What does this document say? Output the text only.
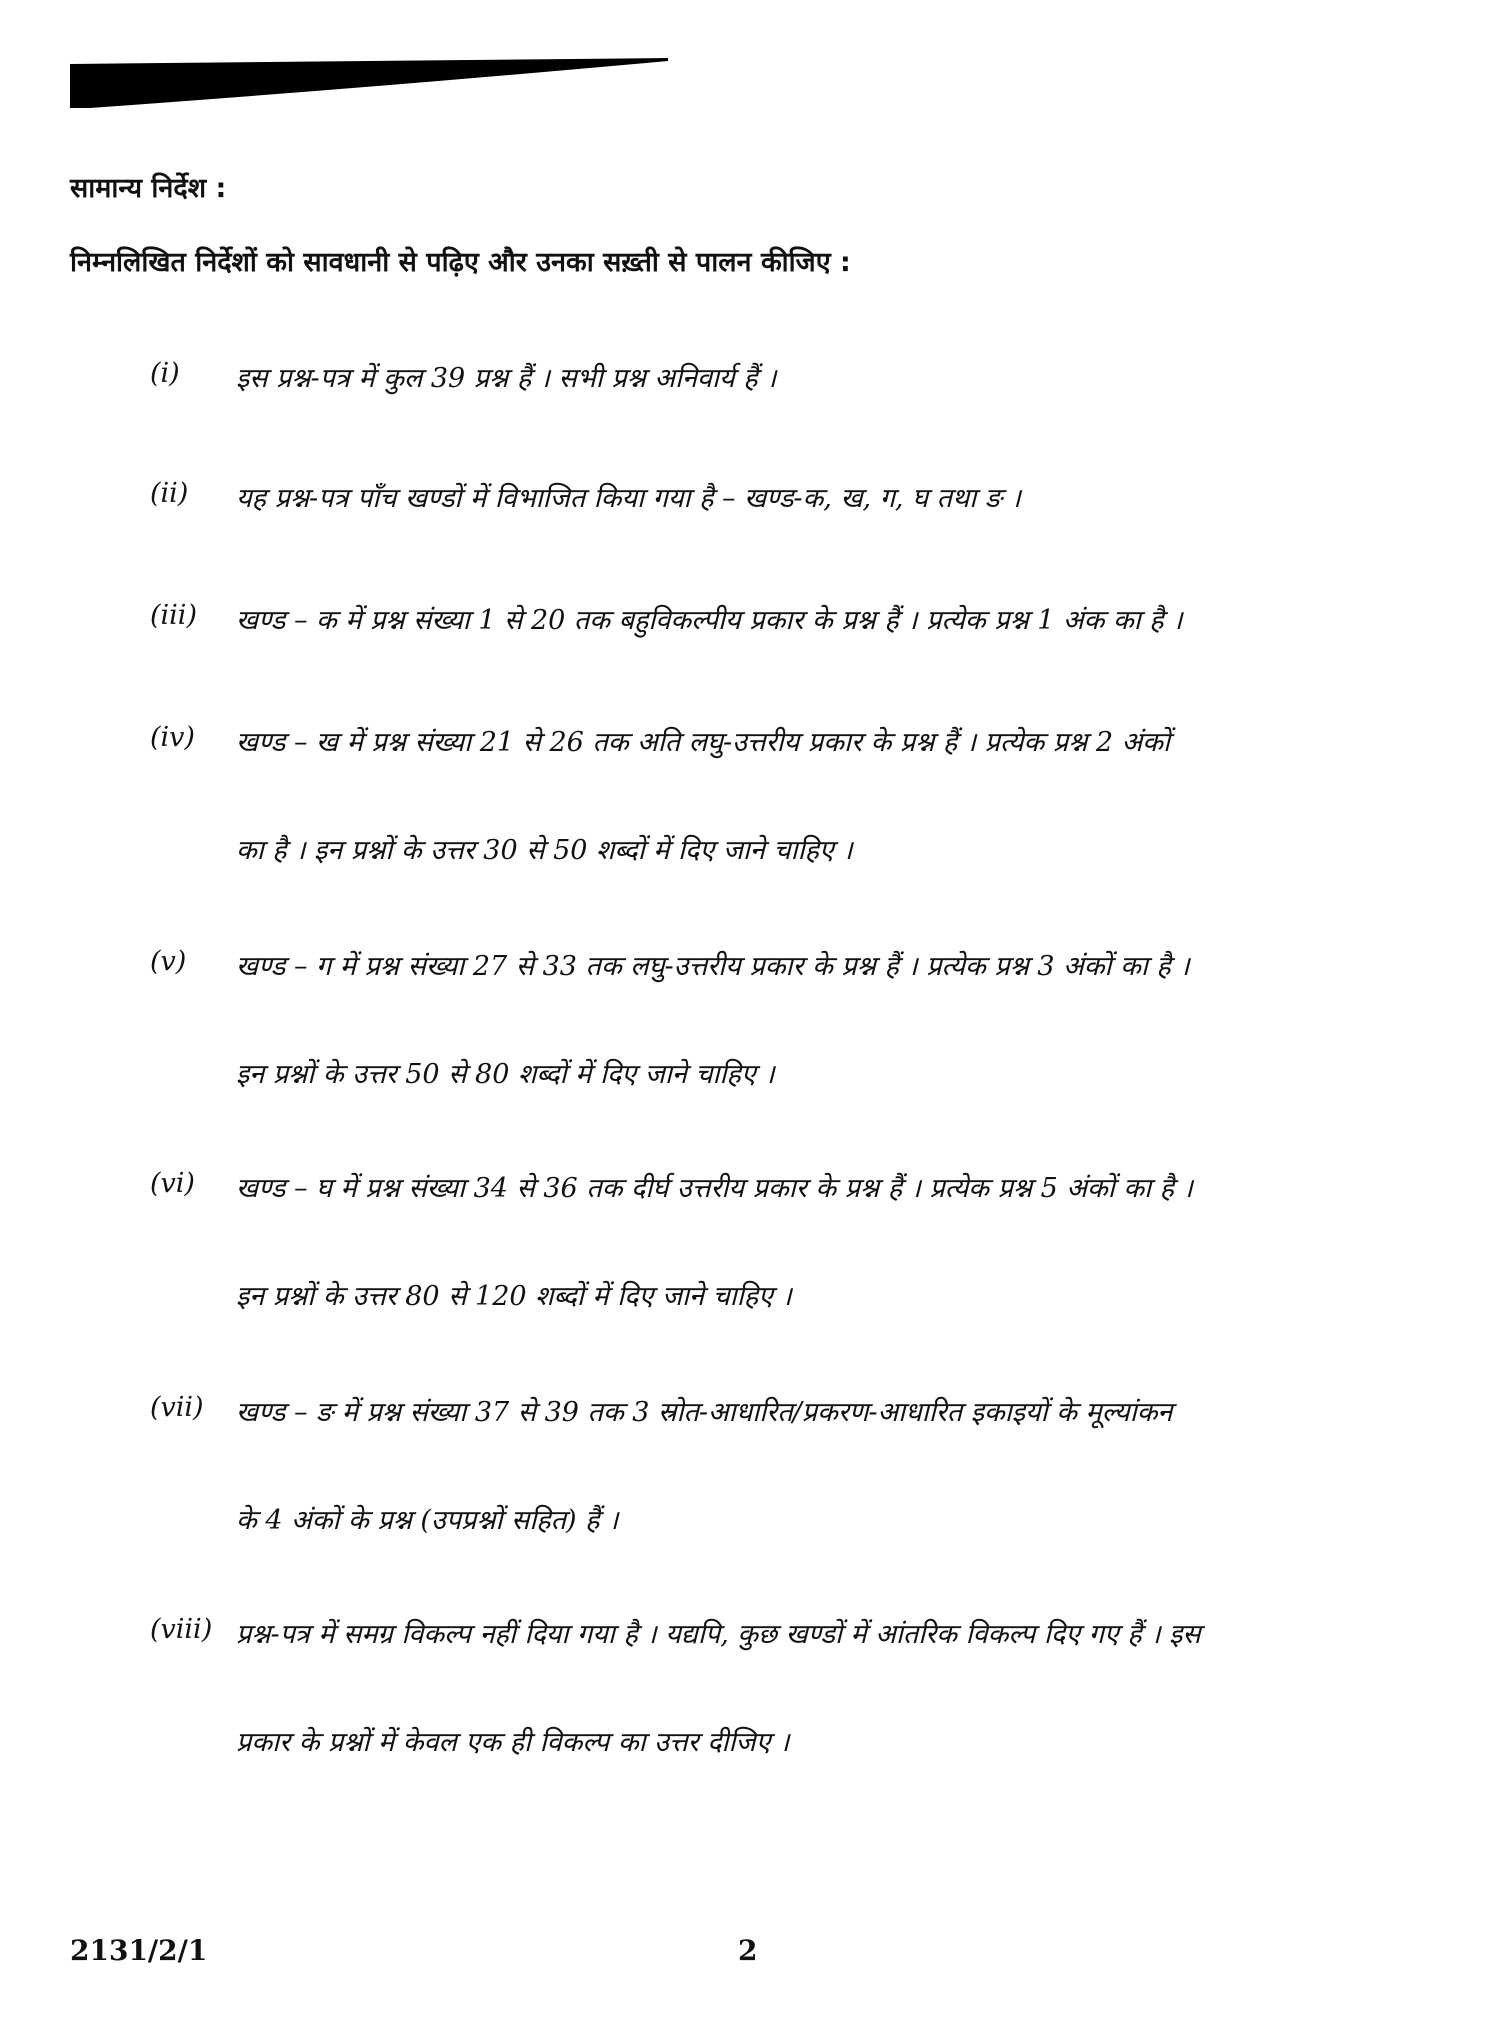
सामान्य निर्देश :
निम्नलिखित निर्देशों को सावधानी से पढ़िए और उनका सख़्ती से पालन कीजिए :
(i) इस प्रश्न-पत्र में कुल 39 प्रश्न हैं । सभी प्रश्न अनिवार्य हैं ।
(ii) यह प्रश्न-पत्र पाँच खण्डों में विभाजित किया गया है – खण्ड-क, ख, ग, घ तथा ङ ।
(iii) खण्ड – क में प्रश्न संख्या 1 से 20 तक बहुविकल्पीय प्रकार के प्रश्न हैं । प्रत्येक प्रश्न 1 अंक का है ।
(iv) खण्ड – ख में प्रश्न संख्या 21 से 26 तक अति लघु-उत्तरीय प्रकार के प्रश्न हैं । प्रत्येक प्रश्न 2 अंकों
का है । इन प्रश्नों के उत्तर 30 से 50 शब्दों में दिए जाने चाहिए ।
(v) खण्ड – ग में प्रश्न संख्या 27 से 33 तक लघु-उत्तरीय प्रकार के प्रश्न हैं । प्रत्येक प्रश्न 3 अंकों का है ।
इन प्रश्नों के उत्तर 50 से 80 शब्दों में दिए जाने चाहिए ।
(vi) खण्ड – घ में प्रश्न संख्या 34 से 36 तक दीर्घ उत्तरीय प्रकार के प्रश्न हैं । प्रत्येक प्रश्न 5 अंकों का है ।
इन प्रश्नों के उत्तर 80 से 120 शब्दों में दिए जाने चाहिए ।
(vii) खण्ड – ङ में प्रश्न संख्या 37 से 39 तक 3 स्रोत-आधारित/प्रकरण-आधारित इकाइयों के मूल्यांकन
के 4 अंकों के प्रश्न (उपप्रश्नों सहित) हैं ।
(viii) प्रश्न-पत्र में समग्र विकल्प नहीं दिया गया है । यद्यपि, कुछ खण्डों में आंतरिक विकल्प दिए गए हैं । इस
प्रकार के प्रश्नों में केवल एक ही विकल्प का उत्तर दीजिए ।
2131/2/1	2
